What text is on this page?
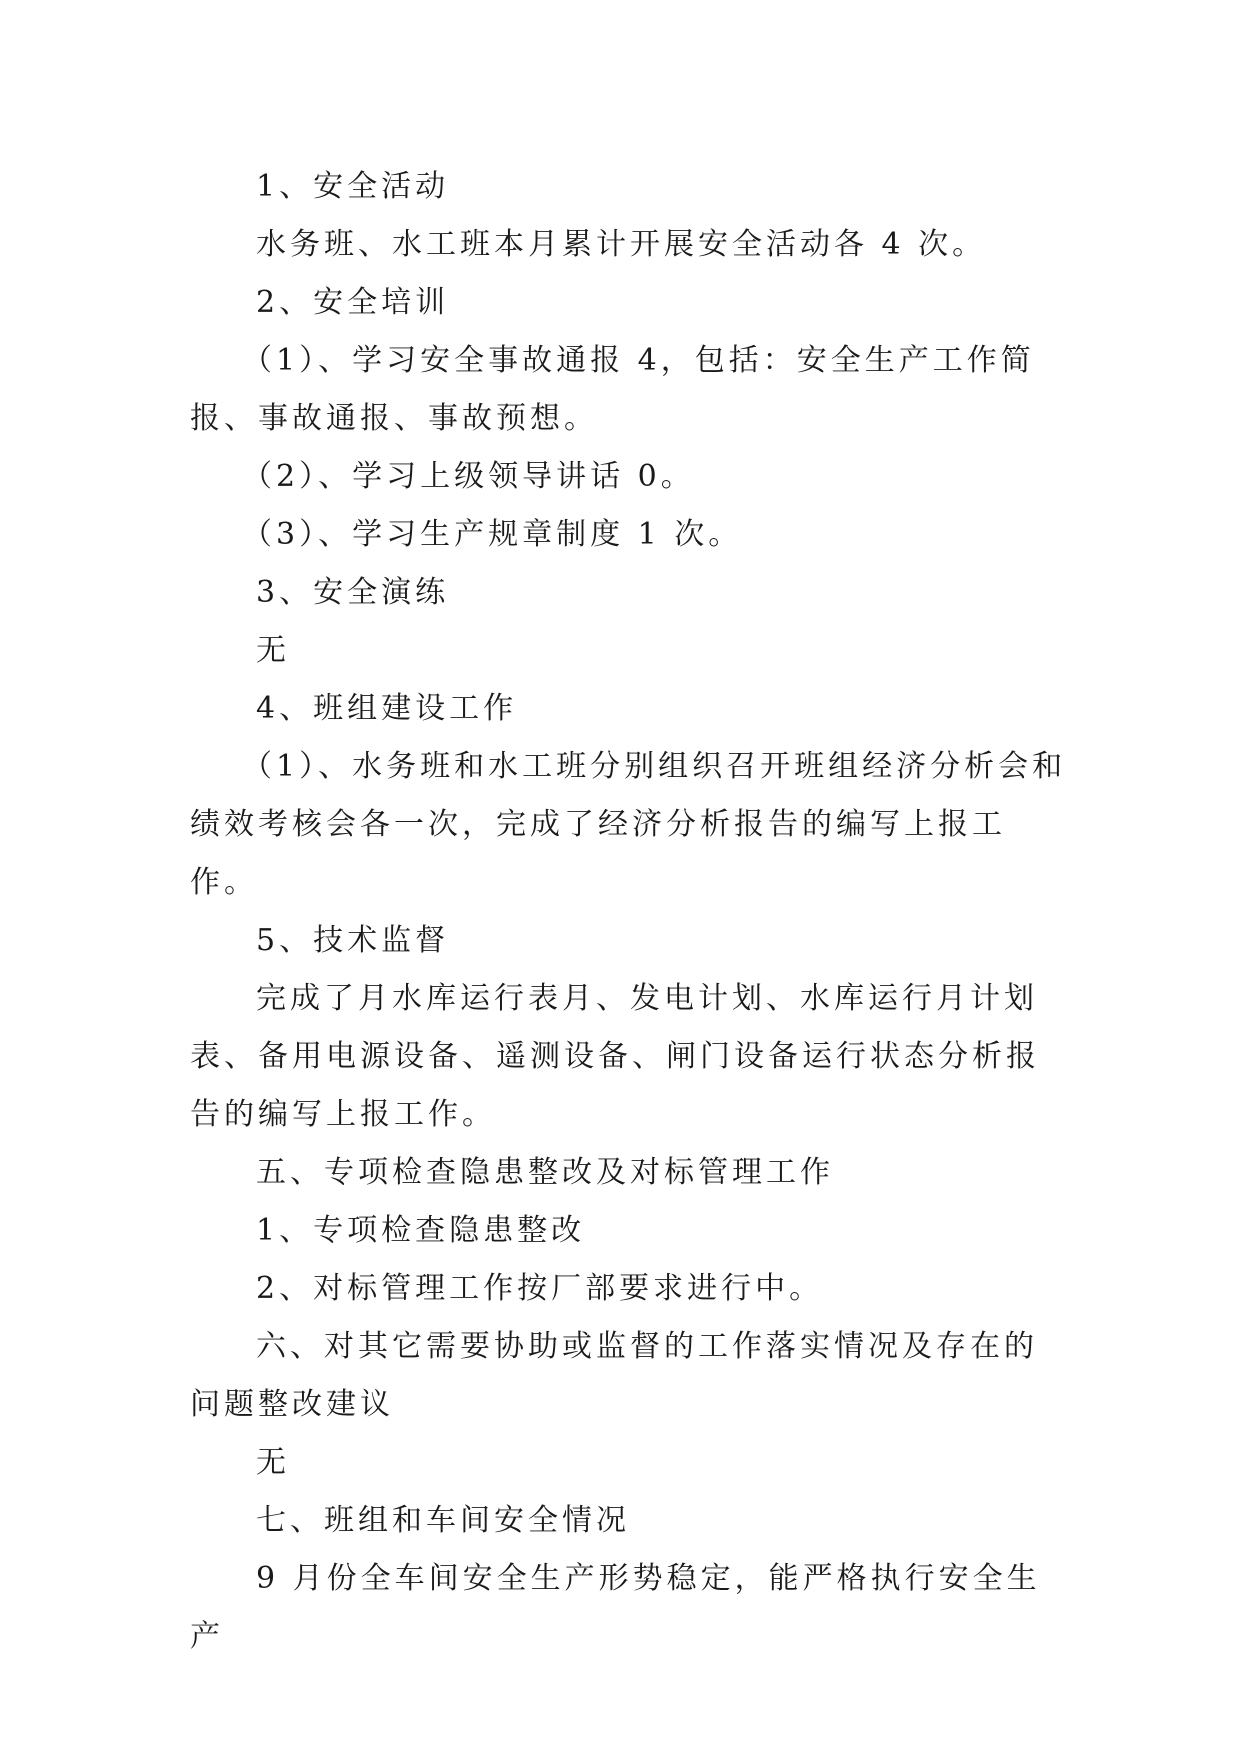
1、安全活动

水务班、水工班本月累计开展安全活动各 4 次。

2、安全培训

（1）、学习安全事故通报 4，包括：安全生产工作简报、事故通报、事故预想。

（2）、学习上级领导讲话 0。

（3）、学习生产规章制度 1 次。

3、安全演练

无

4、班组建设工作

（1）、水务班和水工班分别组织召开班组经济分析会和绩效考核会各一次，完成了经济分析报告的编写上报工作。

5、技术监督

完成了月水库运行表月、发电计划、水库运行月计划表、备用电源设备、遥测设备、闸门设备运行状态分析报告的编写上报工作。

五、专项检查隐患整改及对标管理工作

1、专项检查隐患整改

2、对标管理工作按厂部要求进行中。

六、对其它需要协助或监督的工作落实情况及存在的问题整改建议

无

七、班组和车间安全情况

9 月份全车间安全生产形势稳定，能严格执行安全生产
